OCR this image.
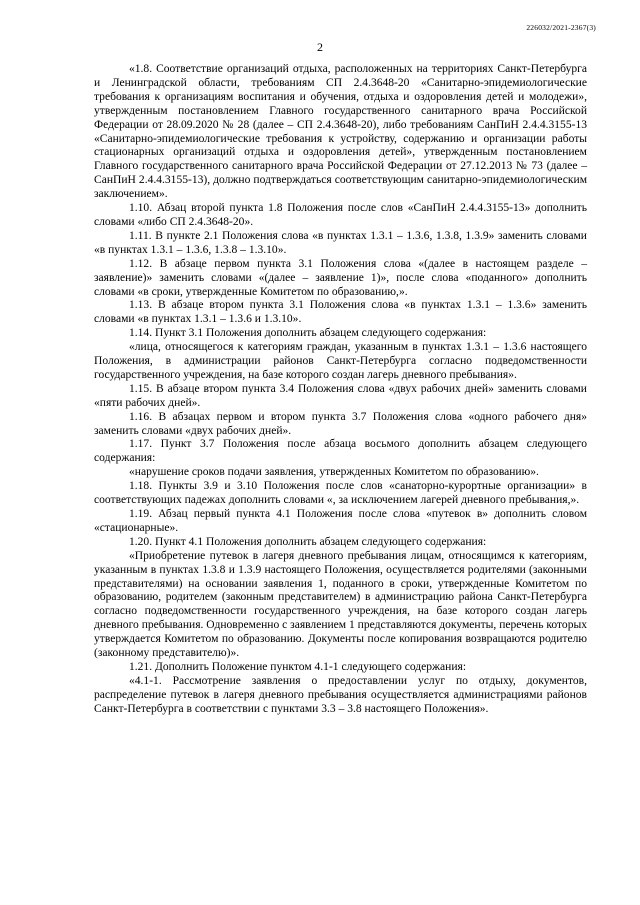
226032/2021-2367(3)
2

«1.8. Соответствие организаций отдыха, расположенных на территориях Санкт-Петербурга и Ленинградской области, требованиям СП 2.4.3648-20 «Санитарно-эпидемиологические требования к организациям воспитания и обучения, отдыха и оздоровления детей и молодежи», утвержденным постановлением Главного государственного санитарного врача Российской Федерации от 28.09.2020 № 28 (далее – СП 2.4.3648-20), либо требованиям СанПиН 2.4.4.3155-13 «Санитарно-эпидемиологические требования к устройству, содержанию и организации работы стационарных организаций отдыха и оздоровления детей», утвержденным постановлением Главного государственного санитарного врача Российской Федерации от 27.12.2013 № 73 (далее – СанПиН 2.4.4.3155-13), должно подтверждаться соответствующим санитарно-эпидемиологическим заключением».

1.10. Абзац второй пункта 1.8 Положения после слов «СанПиН 2.4.4.3155-13» дополнить словами «либо СП 2.4.3648-20».

1.11. В пункте 2.1 Положения слова «в пунктах 1.3.1 – 1.3.6, 1.3.8, 1.3.9» заменить словами «в пунктах 1.3.1 – 1.3.6, 1.3.8 – 1.3.10».

1.12. В абзаце первом пункта 3.1 Положения слова «(далее в настоящем разделе – заявление)» заменить словами «(далее – заявление 1)», после слова «поданного» дополнить словами «в сроки, утвержденные Комитетом по образованию,».

1.13. В абзаце втором пункта 3.1 Положения слова «в пунктах 1.3.1 – 1.3.6» заменить словами «в пунктах 1.3.1 – 1.3.6 и 1.3.10».

1.14. Пункт 3.1 Положения дополнить абзацем следующего содержания:

«лица, относящегося к категориям граждан, указанным в пунктах 1.3.1 – 1.3.6 настоящего Положения, в администрации районов Санкт-Петербурга согласно подведомственности государственного учреждения, на базе которого создан лагерь дневного пребывания».

1.15. В абзаце втором пункта 3.4 Положения слова «двух рабочих дней» заменить словами «пяти рабочих дней».

1.16. В абзацах первом и втором пункта 3.7 Положения слова «одного рабочего дня» заменить словами «двух рабочих дней».

1.17. Пункт 3.7 Положения после абзаца восьмого дополнить абзацем следующего содержания:

«нарушение сроков подачи заявления, утвержденных Комитетом по образованию».

1.18. Пункты 3.9 и 3.10 Положения после слов «санаторно-курортные организации» в соответствующих падежах дополнить словами «, за исключением лагерей дневного пребывания,».

1.19. Абзац первый пункта 4.1 Положения после слова «путевок в» дополнить словом «стационарные».

1.20. Пункт 4.1 Положения дополнить абзацем следующего содержания:

«Приобретение путевок в лагеря дневного пребывания лицам, относящимся к категориям, указанным в пунктах 1.3.8 и 1.3.9 настоящего Положения, осуществляется родителями (законными представителями) на основании заявления 1, поданного в сроки, утвержденные Комитетом по образованию, родителем (законным представителем) в администрацию района Санкт-Петербурга согласно подведомственности государственного учреждения, на базе которого создан лагерь дневного пребывания. Одновременно с заявлением 1 представляются документы, перечень которых утверждается Комитетом по образованию. Документы после копирования возвращаются родителю (законному представителю)».

1.21. Дополнить Положение пунктом 4.1-1 следующего содержания:

«4.1-1. Рассмотрение заявления о предоставлении услуг по отдыху, документов, распределение путевок в лагеря дневного пребывания осуществляется администрациями районов Санкт-Петербурга в соответствии с пунктами 3.3 – 3.8 настоящего Положения».
